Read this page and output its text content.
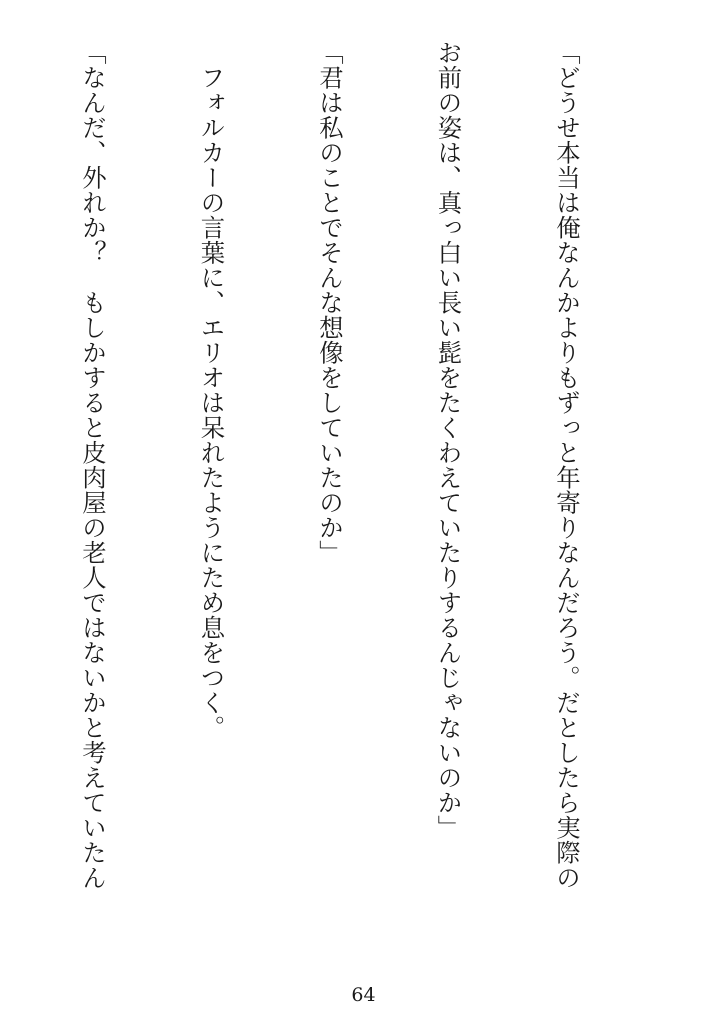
「どうせ本当は俺なんかよりもずっと年寄りなんだろう。だとしたら実際の

お前の姿は、真っ白い長い髭をたくわえていたりするんじゃないのか」

「君は私のことでそんな想像をしていたのか」

　フォルカーの言葉に、エリオは呆れたようにため息をつく。

「なんだ、外れか？　もしかすると皮肉屋の老人ではないかと考えていたん

64
